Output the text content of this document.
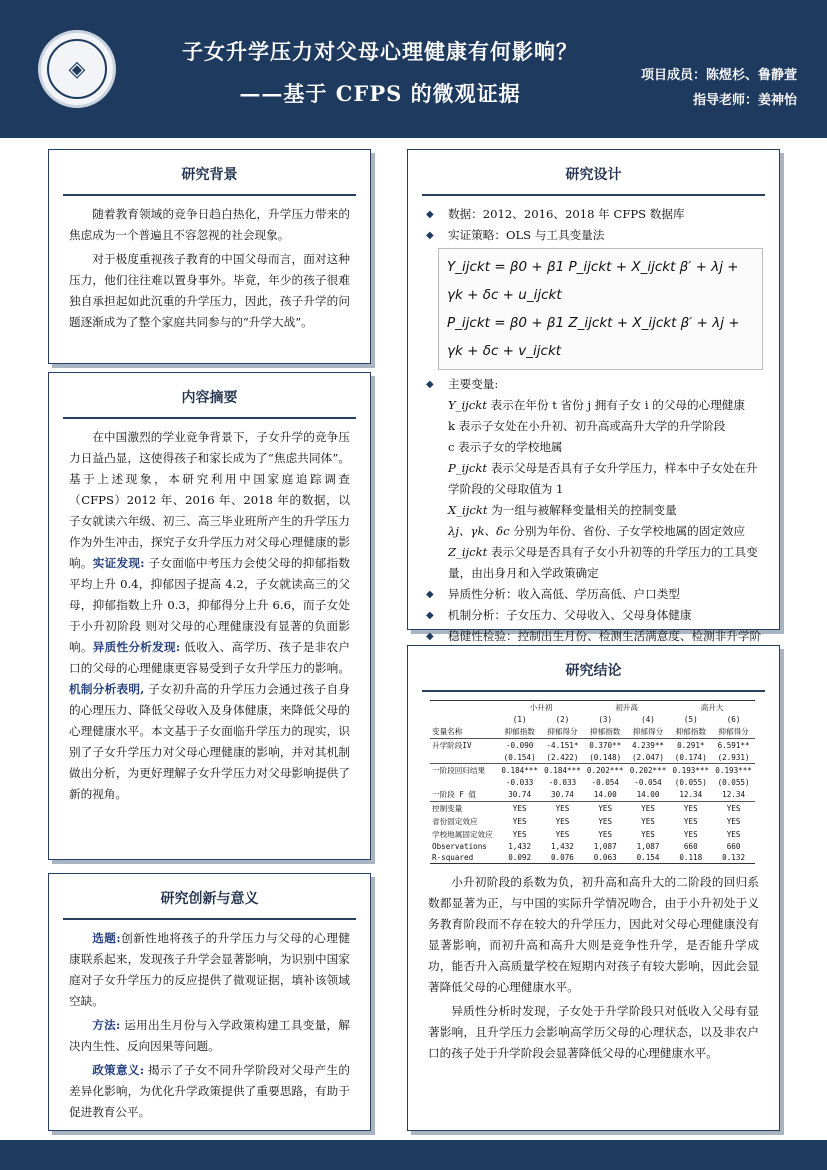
◈
子女升学压力对父母心理健康有何影响？
——基于 CFPS 的微观证据
项目成员：陈煜杉、鲁静萱
指导老师：姜神怡
研究背景

随着教育领域的竞争日趋白热化，升学压力带来的焦虑成为一个普遍且不容忽视的社会现象。

对于极度重视孩子教育的中国父母而言，面对这种压力，他们往往难以置身事外。毕竟，年少的孩子很难独自承担起如此沉重的升学压力，因此，孩子升学的问题逐渐成为了整个家庭共同参与的“升学大战”。

内容摘要

在中国激烈的学业竞争背景下，子女升学的竞争压力日益凸显，这使得孩子和家长成为了“焦虑共同体”。基于上述现象，本研究利用中国家庭追踪调查（CFPS）2012 年、2016 年、2018 年的数据，以子女就读六年级、初三、高三毕业班所产生的升学压力作为外生冲击，探究子女升学压力对父母心理健康的影响。实证发现: 子女面临中考压力会使父母的抑郁指数平均上升 0.4，抑郁因子提高 4.2，子女就读高三的父母，抑郁指数上升 0.3，抑郁得分上升 6.6，而子女处于小升初阶段 则对父母的心理健康没有显著的负面影响。异质性分析发现: 低收入、高学历、孩子是非农户口的父母的心理健康更容易受到子女升学压力的影响。机制分析表明, 子女初升高的升学压力会通过孩子自身的心理压力、降低父母收入及身体健康，来降低父母的心理健康水平。本文基于子女面临升学压力的现实，识别了子女升学压力对父母心理健康的影响，并对其机制做出分析，为更好理解子女升学压力对父母影响提供了新的视角。

研究创新与意义

选题:创新性地将孩子的升学压力与父母的心理健康联系起来，发现孩子升学会显著影响，为识别中国家庭对子女升学压力的反应提供了微观证据，填补该领域空缺。

方法: 运用出生月份与入学政策构建工具变量，解决内生性、反向因果等问题。

政策意义: 揭示了子女不同升学阶段对父母产生的差异化影响，为优化升学政策提供了重要思路，有助于促进教育公平。

研究设计
◆	数据：2012、2016、2018 年 CFPS 数据库
◆	实证策略：OLS 与工具变量法
Y_ijckt = β0 + β1 P_ijckt + X_ijckt β′ + λj + γk + δc + u_ijckt
P_ijckt = β0 + β1 Z_ijckt + X_ijckt β′ + λj + γk + δc + v_ijckt
◆	主要变量:
Y_ijckt 表示在年份 t 省份 j 拥有子女 i 的父母的心理健康
k 表示子女处在小升初、初升高或高升大学的升学阶段
c 表示子女的学校地属
P_ijckt 表示父母是否具有子女升学压力，样本中子女处在升学阶段的父母取值为 1
X_ijckt 为一组与被解释变量相关的控制变量
λj、γk、δc 分别为年份、省份、子女学校地属的固定效应
Z_ijckt 表示父母是否具有子女小升初等的升学压力的工具变量，由出身月和入学政策确定
◆	异质性分析：收入高低、学历高低、户口类型
◆	机制分析：子女压力、父母收入、父母身体健康
◆	稳健性检验：控制出生月份、检测生活满意度、检测非升学阶
研究结论
	小升初		初升高		高升大	
	(1)	(2)	(3)	(4)	(5)	(6)
变量名称	抑郁指数	抑郁得分	抑郁指数	抑郁得分	抑郁指数	抑郁得分
升学阶段IV	-0.090	-4.151*	0.370**	4.239**	0.291*	6.591**
	(0.154)	(2.422)	(0.148)	(2.047)	(0.174)	(2.931)
一阶段回归结果	0.184***	0.184***	0.202***	0.202***	0.193***	0.193***
	-0.033	-0.033	-0.054	-0.054	(0.055)	(0.055)
一阶段 F 值	30.74	30.74	14.00	14.00	12.34	12.34
控制变量	YES	YES	YES	YES	YES	YES
省份固定效应	YES	YES	YES	YES	YES	YES
学校地属固定效应	YES	YES	YES	YES	YES	YES
Observations	1,432	1,432	1,087	1,087	660	660
R-squared	0.092	0.076	0.063	0.154	0.118	0.132

小升初阶段的系数为负，初升高和高升大的二阶段的回归系数都显著为正，与中国的实际升学情况吻合，由于小升初处于义务教育阶段而不存在较大的升学压力，因此对父母心理健康没有显著影响，而初升高和高升大则是竞争性升学，是否能升学成功，能否升入高质量学校在短期内对孩子有较大影响，因此会显著降低父母的心理健康水平。

异质性分析时发现，子女处于升学阶段只对低收入父母有显著影响，且升学压力会影响高学历父母的心理状态，以及非农户口的孩子处于升学阶段会显著降低父母的心理健康水平。
